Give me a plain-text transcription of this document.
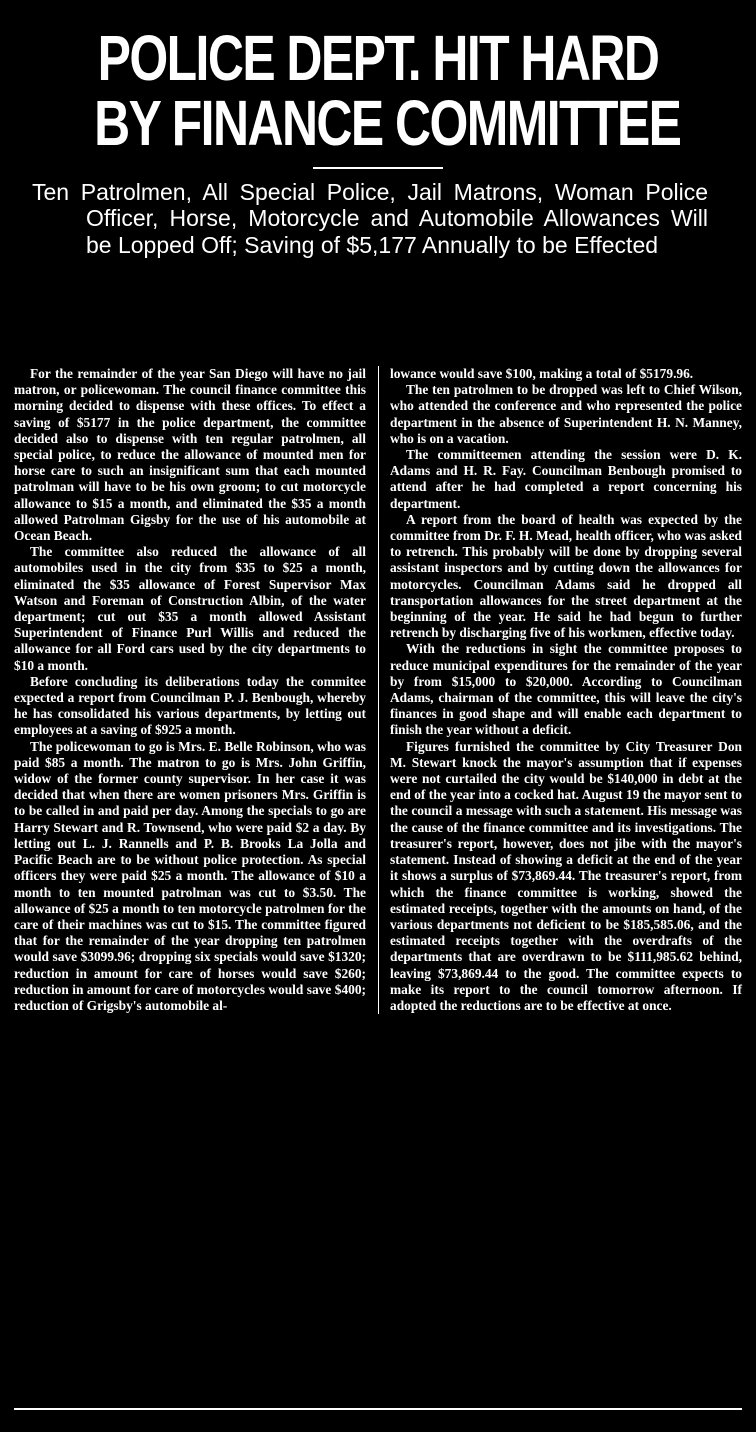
POLICE DEPT. HIT HARD
BY FINANCE COMMITTEE
Ten Patrolmen, All Special Police, Jail Matrons, Woman Police Officer, Horse, Motorcycle and Automobile Allowances Will be Lopped Off; Saving of $5,177 Annually to be Effected

For the remainder of the year San Diego will have no jail matron, or policewoman. The council finance committee this morning decided to dispense with these offices. To effect a saving of $5177 in the police department, the committee decided also to dispense with ten regular patrolmen, all special police, to reduce the allowance of mounted men for horse care to such an insignificant sum that each mounted patrolman will have to be his own groom; to cut motorcycle allowance to $15 a month, and eliminated the $35 a month allowed Patrolman Gigsby for the use of his automobile at Ocean Beach.

The committee also reduced the allowance of all automobiles used in the city from $35 to $25 a month, eliminated the $35 allowance of Forest Supervisor Max Watson and Foreman of Construction Albin, of the water department; cut out $35 a month allowed Assistant Superintendent of Finance Purl Willis and reduced the allowance for all Ford cars used by the city departments to $10 a month.

Before concluding its deliberations today the commitee expected a report from Councilman P. J. Benbough, whereby he has consolidated his various departments, by letting out employees at a saving of $925 a month.

The policewoman to go is Mrs. E. Belle Robinson, who was paid $85 a month. The matron to go is Mrs. John Griffin, widow of the former county supervisor. In her case it was decided that when there are women prisoners Mrs. Griffin is to be called in and paid per day. Among the specials to go are Harry Stewart and R. Townsend, who were paid $2 a day. By letting out L. J. Rannells and P. B. Brooks La Jolla and Pacific Beach are to be without police protection. As special officers they were paid $25 a month. The allowance of $10 a month to ten mounted patrolman was cut to $3.50. The allowance of $25 a month to ten motorcycle patrolmen for the care of their machines was cut to $15. The committee figured that for the remainder of the year dropping ten patrolmen would save $3099.96; dropping six specials would save $1320; reduction in amount for care of horses would save $260; reduction in amount for care of motorcycles would save $400; reduction of Grigsby's automobile al-

lowance would save $100, making a total of $5179.96.

The ten patrolmen to be dropped was left to Chief Wilson, who attended the conference and who represented the police department in the absence of Superintendent H. N. Manney, who is on a vacation.

The committeemen attending the session were D. K. Adams and H. R. Fay. Councilman Benbough promised to attend after he had completed a report concerning his department.

A report from the board of health was expected by the committee from Dr. F. H. Mead, health officer, who was asked to retrench. This probably will be done by dropping several assistant inspectors and by cutting down the allowances for motorcycles. Councilman Adams said he dropped all transportation allowances for the street department at the beginning of the year. He said he had begun to further retrench by discharging five of his workmen, effective today.

With the reductions in sight the committee proposes to reduce municipal expenditures for the remainder of the year by from $15,000 to $20,000. According to Councilman Adams, chairman of the committee, this will leave the city's finances in good shape and will enable each department to finish the year without a deficit.

Figures furnished the committee by City Treasurer Don M. Stewart knock the mayor's assumption that if expenses were not curtailed the city would be $140,000 in debt at the end of the year into a cocked hat. August 19 the mayor sent to the council a message with such a statement. His message was the cause of the finance committee and its investigations. The treasurer's report, however, does not jibe with the mayor's statement. Instead of showing a deficit at the end of the year it shows a surplus of $73,869.44. The treasurer's report, from which the finance committee is working, showed the estimated receipts, together with the amounts on hand, of the various departments not deficient to be $185,585.06, and the estimated receipts together with the overdrafts of the departments that are overdrawn to be $111,985.62 behind, leaving $73,869.44 to the good. The committee expects to make its report to the council tomorrow afternoon. If adopted the reductions are to be effective at once.
